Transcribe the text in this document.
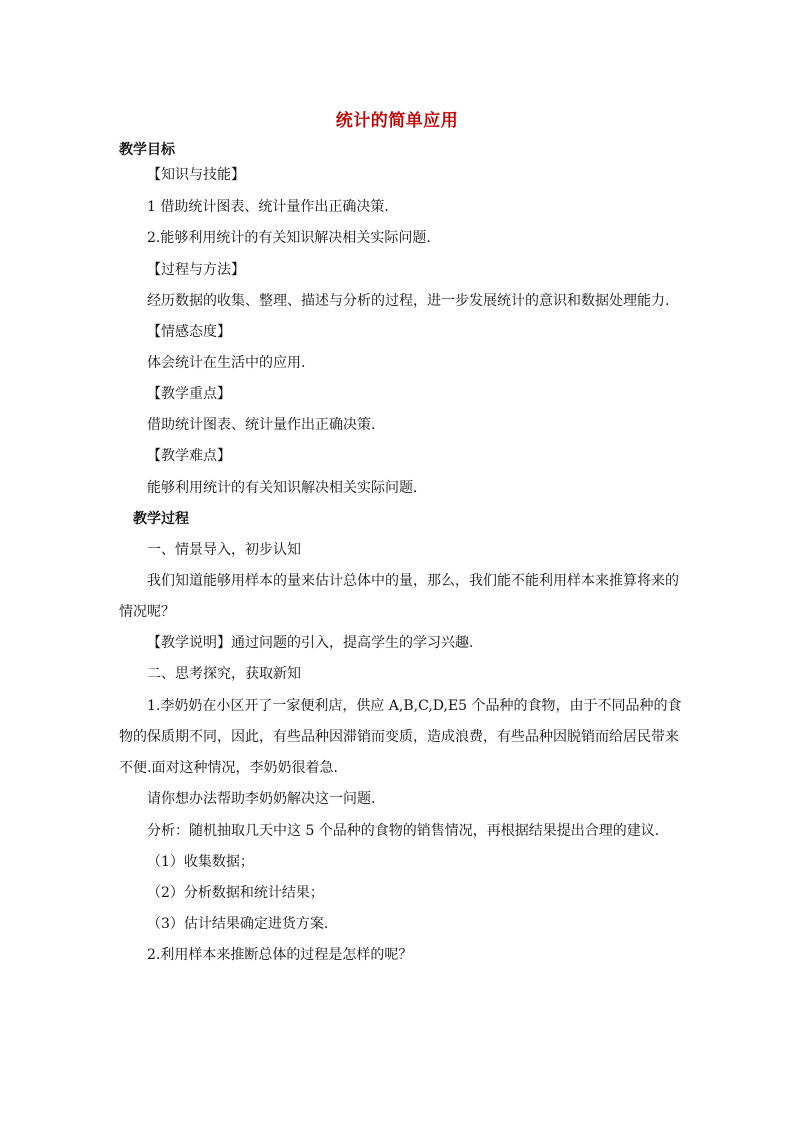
统计的简单应用
教学目标
【知识与技能】
1 借助统计图表、统计量作出正确决策.
2.能够利用统计的有关知识解决相关实际问题.
【过程与方法】
经历数据的收集、整理、描述与分析的过程，进一步发展统计的意识和数据处理能力.
【情感态度】
体会统计在生活中的应用.
【教学重点】
借助统计图表、统计量作出正确决策.
【教学难点】
能够利用统计的有关知识解决相关实际问题.
教学过程
一、情景导入，初步认知
我们知道能够用样本的量来估计总体中的量，那么，我们能不能利用样本来推算将来的
情况呢？
【教学说明】通过问题的引入，提高学生的学习兴趣.
二、思考探究，获取新知
1.李奶奶在小区开了一家便利店，供应 A,B,C,D,E5 个品种的食物，由于不同品种的食
物的保质期不同，因此，有些品种因滞销而变质，造成浪费，有些品种因脱销而给居民带来
不便.面对这种情况，李奶奶很着急.
请你想办法帮助李奶奶解决这一问题.
分析：随机抽取几天中这 5 个品种的食物的销售情况，再根据结果提出合理的建议.
（1）收集数据；
（2）分析数据和统计结果；
（3）估计结果确定进货方案.
2.利用样本来推断总体的过程是怎样的呢？
